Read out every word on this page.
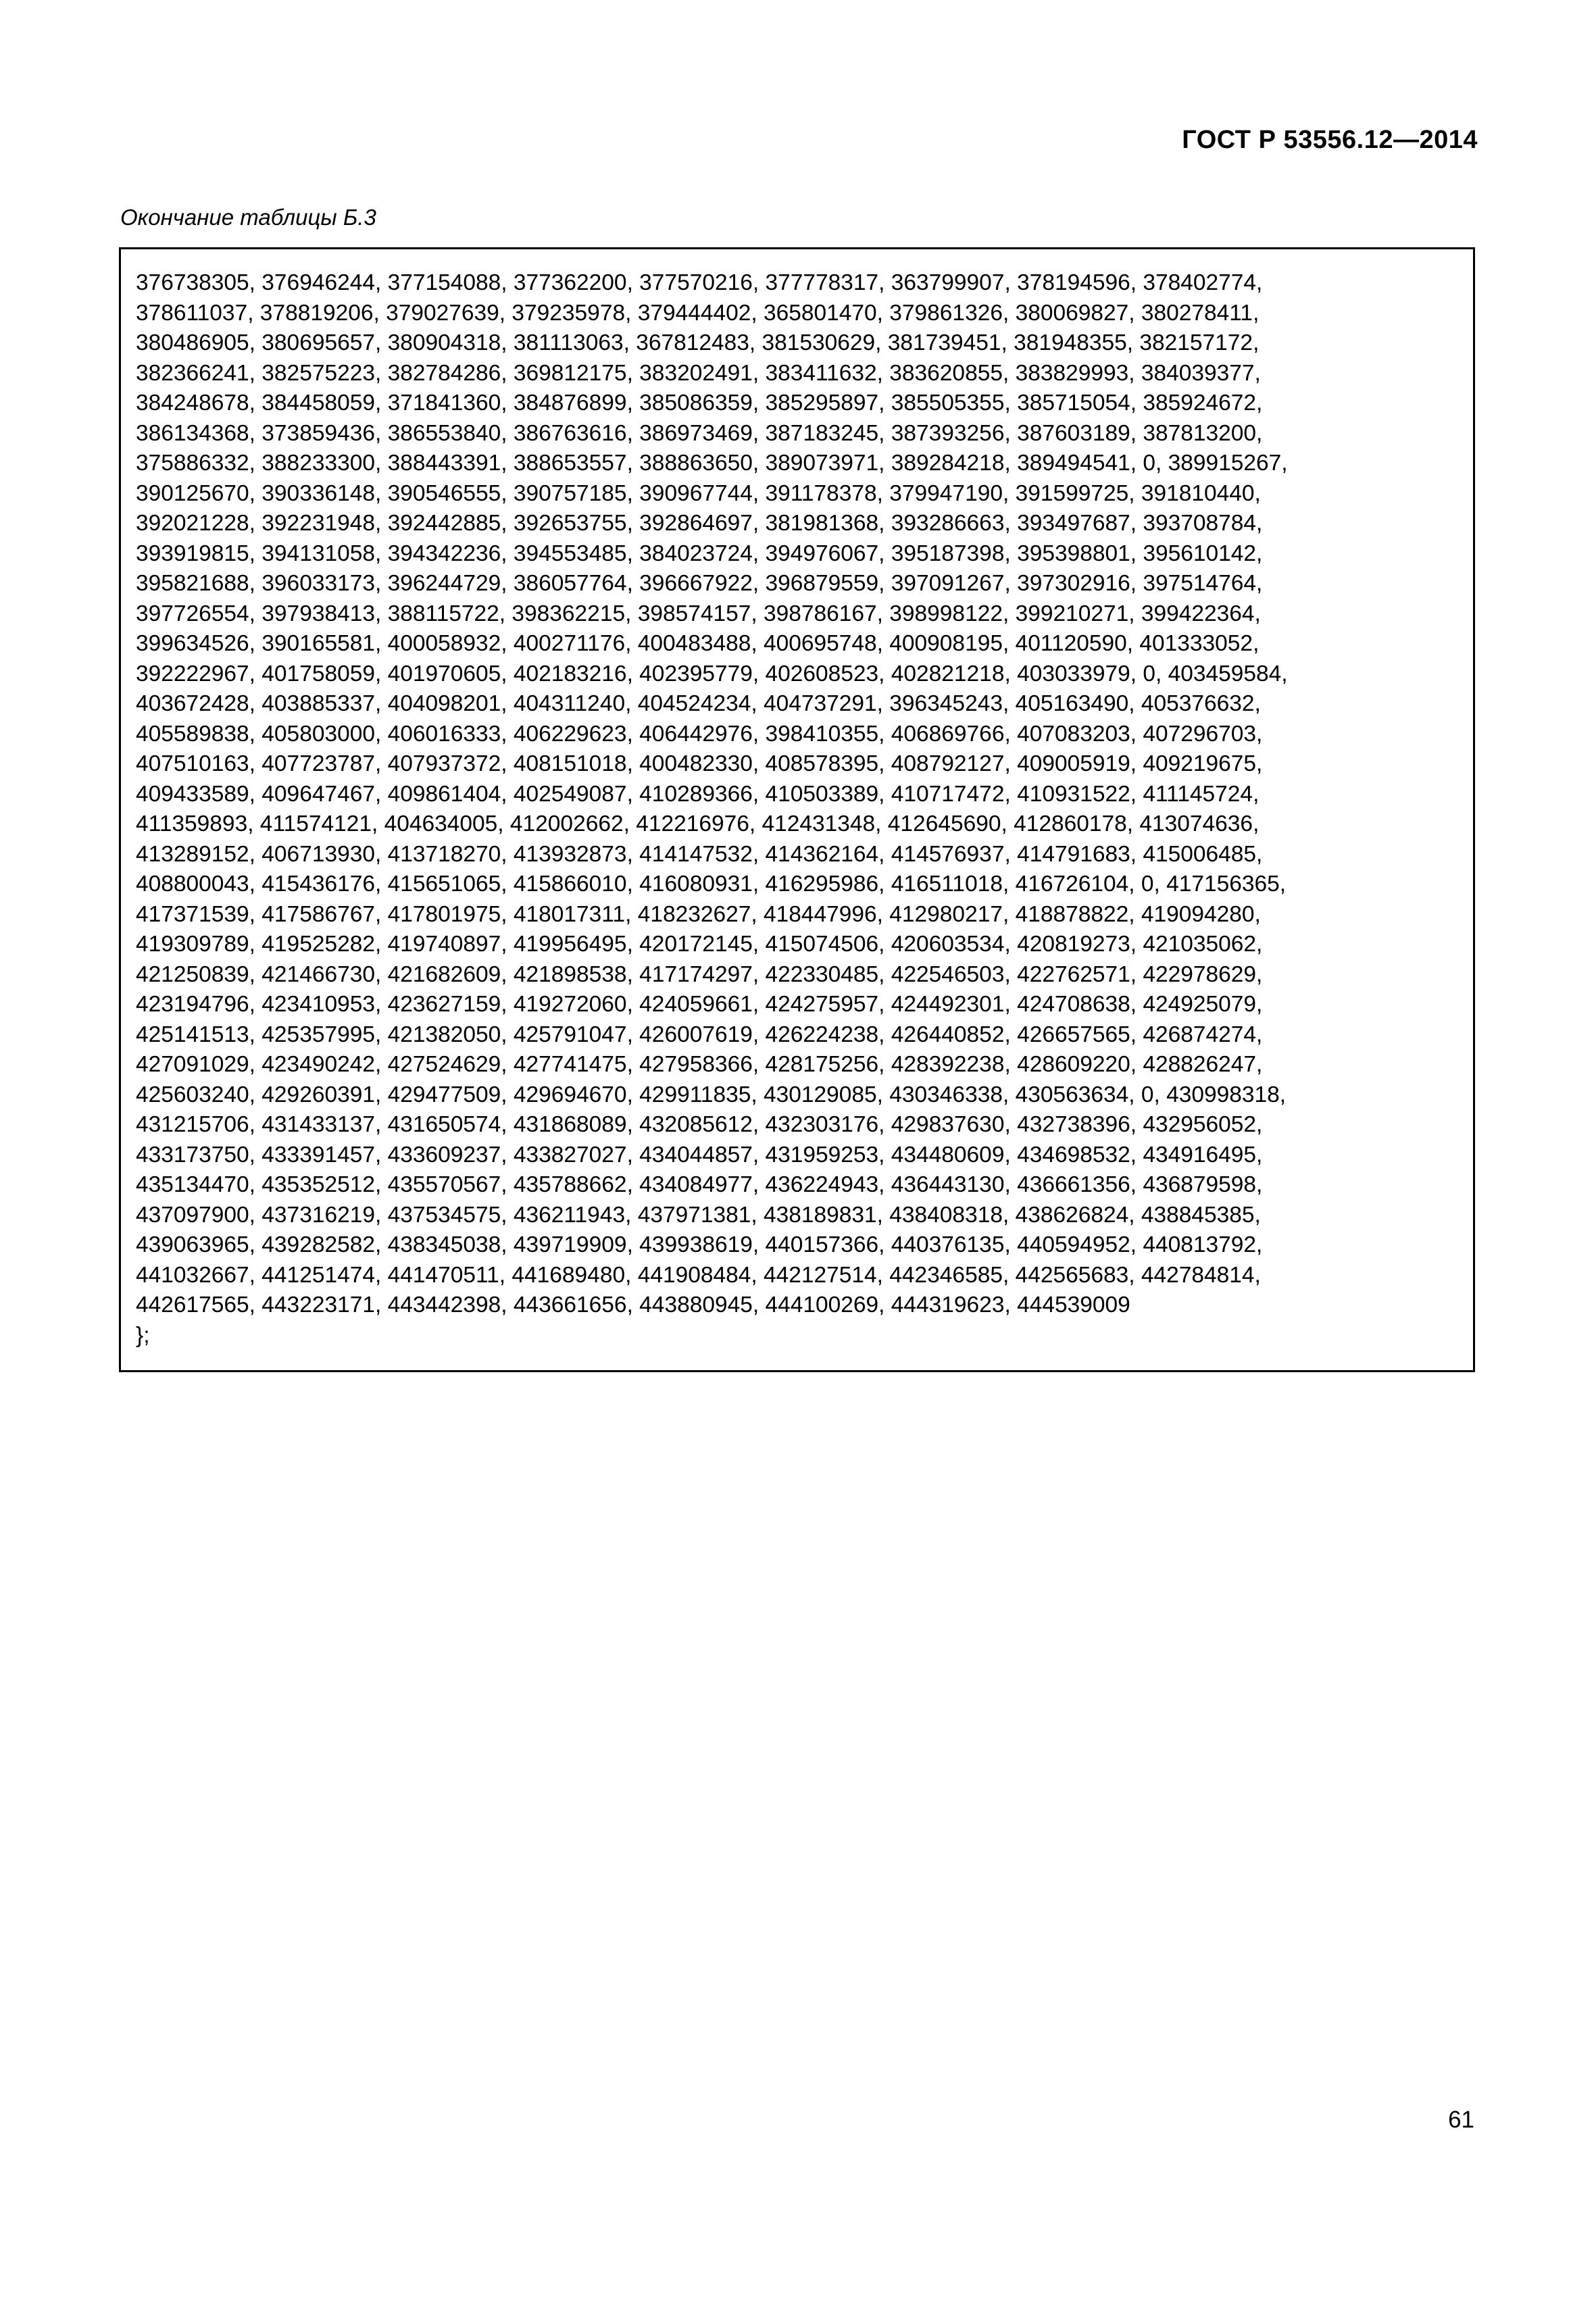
ГОСТ Р 53556.12—2014
Окончание таблицы Б.3
376738305, 376946244, 377154088, 377362200, 377570216, 377778317, 363799907, 378194596, 378402774,
378611037, 378819206, 379027639, 379235978, 379444402, 365801470, 379861326, 380069827, 380278411,
380486905, 380695657, 380904318, 381113063, 367812483, 381530629, 381739451, 381948355, 382157172,
382366241, 382575223, 382784286, 369812175, 383202491, 383411632, 383620855, 383829993, 384039377,
384248678, 384458059, 371841360, 384876899, 385086359, 385295897, 385505355, 385715054, 385924672,
386134368, 373859436, 386553840, 386763616, 386973469, 387183245, 387393256, 387603189, 387813200,
375886332, 388233300, 388443391, 388653557, 388863650, 389073971, 389284218, 389494541, 0, 389915267,
390125670, 390336148, 390546555, 390757185, 390967744, 391178378, 379947190, 391599725, 391810440,
392021228, 392231948, 392442885, 392653755, 392864697, 381981368, 393286663, 393497687, 393708784,
393919815, 394131058, 394342236, 394553485, 384023724, 394976067, 395187398, 395398801, 395610142,
395821688, 396033173, 396244729, 386057764, 396667922, 396879559, 397091267, 397302916, 397514764,
397726554, 397938413, 388115722, 398362215, 398574157, 398786167, 398998122, 399210271, 399422364,
399634526, 390165581, 400058932, 400271176, 400483488, 400695748, 400908195, 401120590, 401333052,
392222967, 401758059, 401970605, 402183216, 402395779, 402608523, 402821218, 403033979, 0, 403459584,
403672428, 403885337, 404098201, 404311240, 404524234, 404737291, 396345243, 405163490, 405376632,
405589838, 405803000, 406016333, 406229623, 406442976, 398410355, 406869766, 407083203, 407296703,
407510163, 407723787, 407937372, 408151018, 400482330, 408578395, 408792127, 409005919, 409219675,
409433589, 409647467, 409861404, 402549087, 410289366, 410503389, 410717472, 410931522, 411145724,
411359893, 411574121, 404634005, 412002662, 412216976, 412431348, 412645690, 412860178, 413074636,
413289152, 406713930, 413718270, 413932873, 414147532, 414362164, 414576937, 414791683, 415006485,
408800043, 415436176, 415651065, 415866010, 416080931, 416295986, 416511018, 416726104, 0, 417156365,
417371539, 417586767, 417801975, 418017311, 418232627, 418447996, 412980217, 418878822, 419094280,
419309789, 419525282, 419740897, 419956495, 420172145, 415074506, 420603534, 420819273, 421035062,
421250839, 421466730, 421682609, 421898538, 417174297, 422330485, 422546503, 422762571, 422978629,
423194796, 423410953, 423627159, 419272060, 424059661, 424275957, 424492301, 424708638, 424925079,
425141513, 425357995, 421382050, 425791047, 426007619, 426224238, 426440852, 426657565, 426874274,
427091029, 423490242, 427524629, 427741475, 427958366, 428175256, 428392238, 428609220, 428826247,
425603240, 429260391, 429477509, 429694670, 429911835, 430129085, 430346338, 430563634, 0, 430998318,
431215706, 431433137, 431650574, 431868089, 432085612, 432303176, 429837630, 432738396, 432956052,
433173750, 433391457, 433609237, 433827027, 434044857, 431959253, 434480609, 434698532, 434916495,
435134470, 435352512, 435570567, 435788662, 434084977, 436224943, 436443130, 436661356, 436879598,
437097900, 437316219, 437534575, 436211943, 437971381, 438189831, 438408318, 438626824, 438845385,
439063965, 439282582, 438345038, 439719909, 439938619, 440157366, 440376135, 440594952, 440813792,
441032667, 441251474, 441470511, 441689480, 441908484, 442127514, 442346585, 442565683, 442784814,
442617565, 443223171, 443442398, 443661656, 443880945, 444100269, 444319623, 444539009
};
61
